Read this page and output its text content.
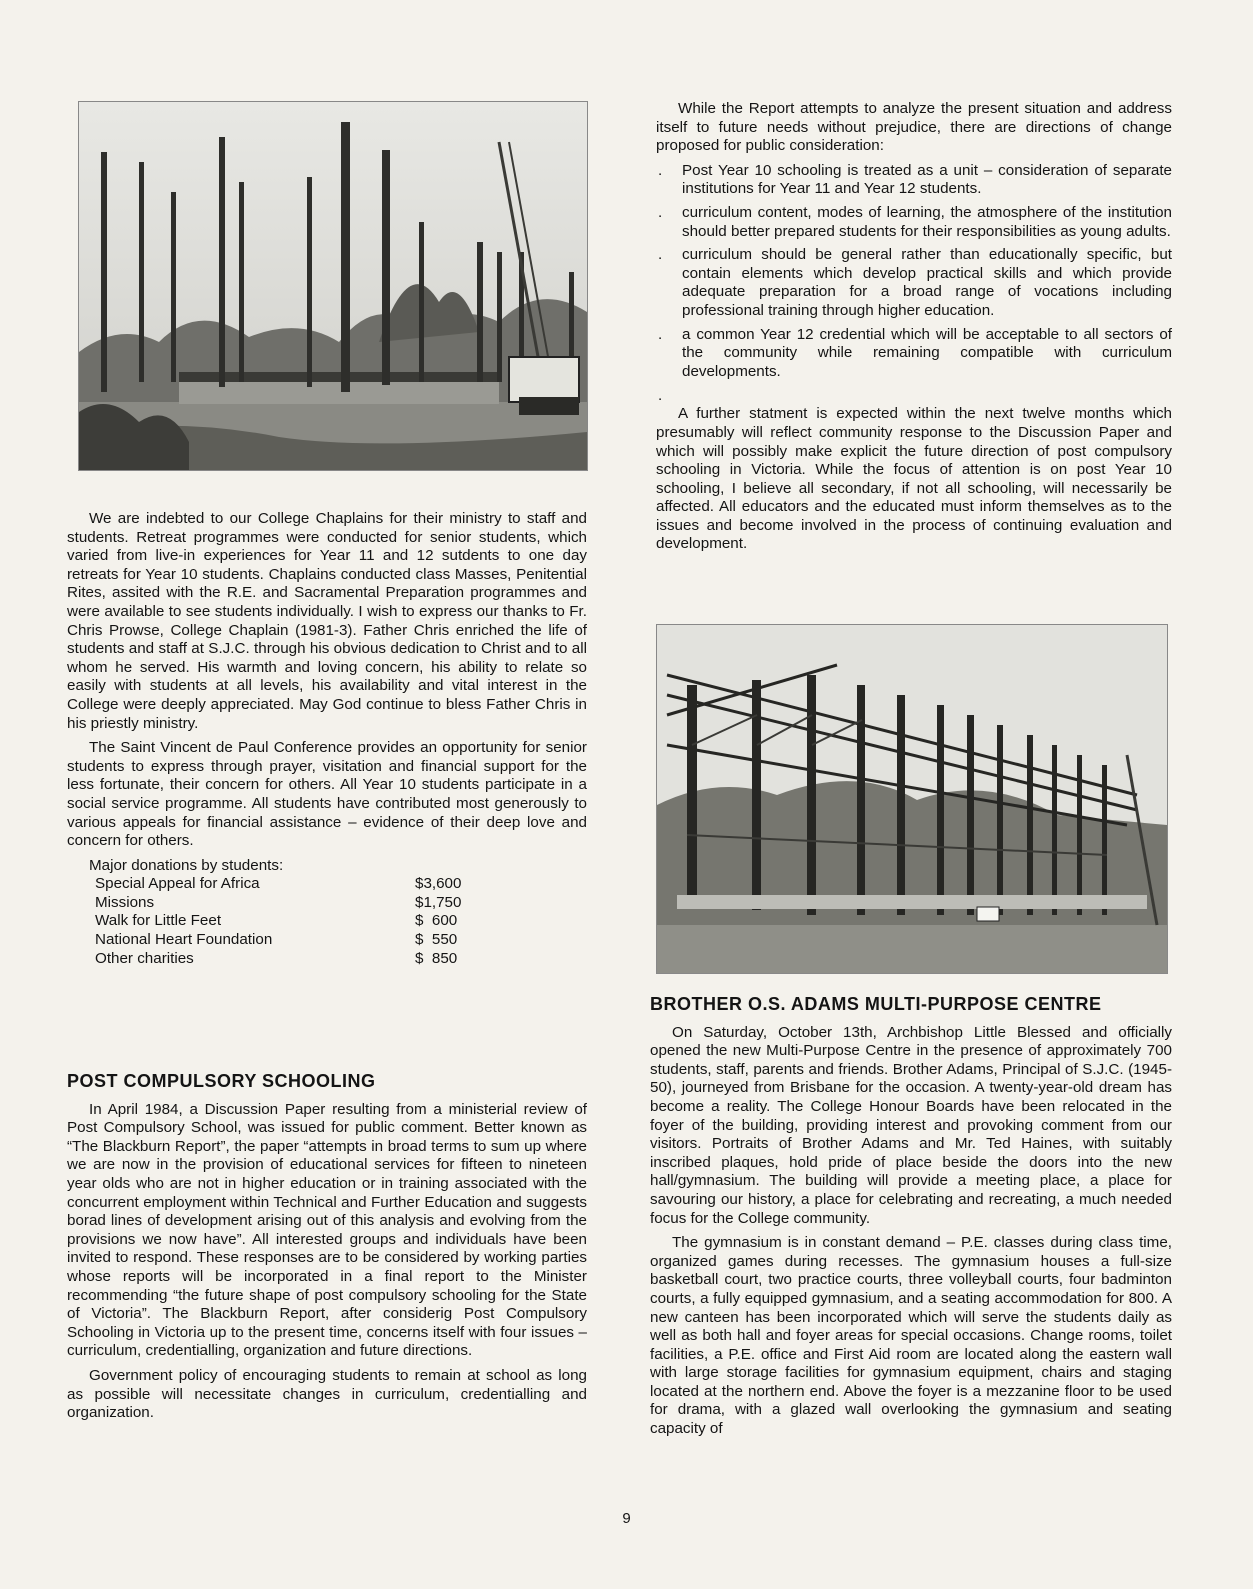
We are indebted to our College Chaplains for their ministry to staff and students. Retreat programmes were conducted for senior students, which varied from live-in experiences for Year 11 and 12 sutdents to one day retreats for Year 10 students. Chaplains conducted class Masses, Penitential Rites, assited with the R.E. and Sacramental Preparation programmes and were available to see students individually. I wish to express our thanks to Fr. Chris Prowse, College Chaplain (1981-3). Father Chris enriched the life of students and staff at S.J.C. through his obvious dedication to Christ and to all whom he served. His warmth and loving concern, his ability to relate so easily with students at all levels, his availability and vital interest in the College were deeply appreciated. May God continue to bless Father Chris in his priestly ministry.

The Saint Vincent de Paul Conference provides an opportunity for senior students to express through prayer, visitation and financial support for the less fortunate, their concern for others. All Year 10 students participate in a social service programme. All students have contributed most generously to various appeals for financial assistance – evidence of their deep love and concern for others.

Major donations by students:
Special Appeal for Africa	$3,600
Missions	$1,750
Walk for Little Feet	$  600
National Heart Foundation	$  550
Other charities	$  850
POST COMPULSORY SCHOOLING

In April 1984, a Discussion Paper resulting from a ministerial review of Post Compulsory School, was issued for public comment. Better known as “The Blackburn Report”, the paper “attempts in broad terms to sum up where we are now in the provision of educational services for fifteen to nineteen year olds who are not in higher education or in training associated with the concurrent employment within Technical and Further Education and suggests borad lines of development arising out of this analysis and evolving from the provisions we now have”. All interested groups and individuals have been invited to respond. These responses are to be considered by working parties whose reports will be incorporated in a final report to the Minister recommending “the future shape of post compulsory schooling for the State of Victoria”. The Blackburn Report, after considerig Post Compulsory Schooling in Victoria up to the present time, concerns itself with four issues – curriculum, credentialling, organization and future directions.

Government policy of encouraging students to remain at school as long as possible will necessitate changes in curriculum, credentialling and organization.

While the Report attempts to analyze the present situation and address itself to future needs without prejudice, there are directions of change proposed for public consideration:

. Post Year 10 schooling is treated as a unit – consideration of separate institutions for Year 11 and Year 12 students.
. curriculum content, modes of learning, the atmosphere of the institution should better prepared students for their responsibilities as young adults.
. curriculum should be general rather than educationally specific, but contain elements which develop practical skills and which provide adequate preparation for a broad range of vocations including professional training through higher education.
. a common Year 12 credential which will be acceptable to all sectors of the community while remaining compatible with curriculum developments.
.

A further statment is expected within the next twelve months which presumably will reflect community response to the Discussion Paper and which will possibly make explicit the future direction of post compulsory schooling in Victoria. While the focus of attention is on post Year 10 schooling, I believe all secondary, if not all schooling, will necessarily be affected. All educators and the educated must inform themselves as to the issues and become involved in the process of continuing evaluation and development.

BROTHER O.S. ADAMS MULTI-PURPOSE CENTRE

On Saturday, October 13th, Archbishop Little Blessed and officially opened the new Multi-Purpose Centre in the presence of approximately 700 students, staff, parents and friends. Brother Adams, Principal of S.J.C. (1945-50), journeyed from Brisbane for the occasion. A twenty-year-old dream has become a reality. The College Honour Boards have been relocated in the foyer of the building, providing interest and provoking comment from our visitors. Portraits of Brother Adams and Mr. Ted Haines, with suitably inscribed plaques, hold pride of place beside the doors into the new hall/gymnasium. The building will provide a meeting place, a place for savouring our history, a place for celebrating and recreating, a much needed focus for the College community.

The gymnasium is in constant demand – P.E. classes during class time, organized games during recesses. The gymnasium houses a full-size basketball court, two practice courts, three volleyball courts, four badminton courts, a fully equipped gymnasium, and a seating accommodation for 800. A new canteen has been incorporated which will serve the students daily as well as both hall and foyer areas for special occasions. Change rooms, toilet facilities, a P.E. office and First Aid room are located along the eastern wall with large storage facilities for gymnasium equipment, chairs and staging located at the northern end. Above the foyer is a mezzanine floor to be used for drama, with a glazed wall overlooking the gymnasium and seating capacity of

9
